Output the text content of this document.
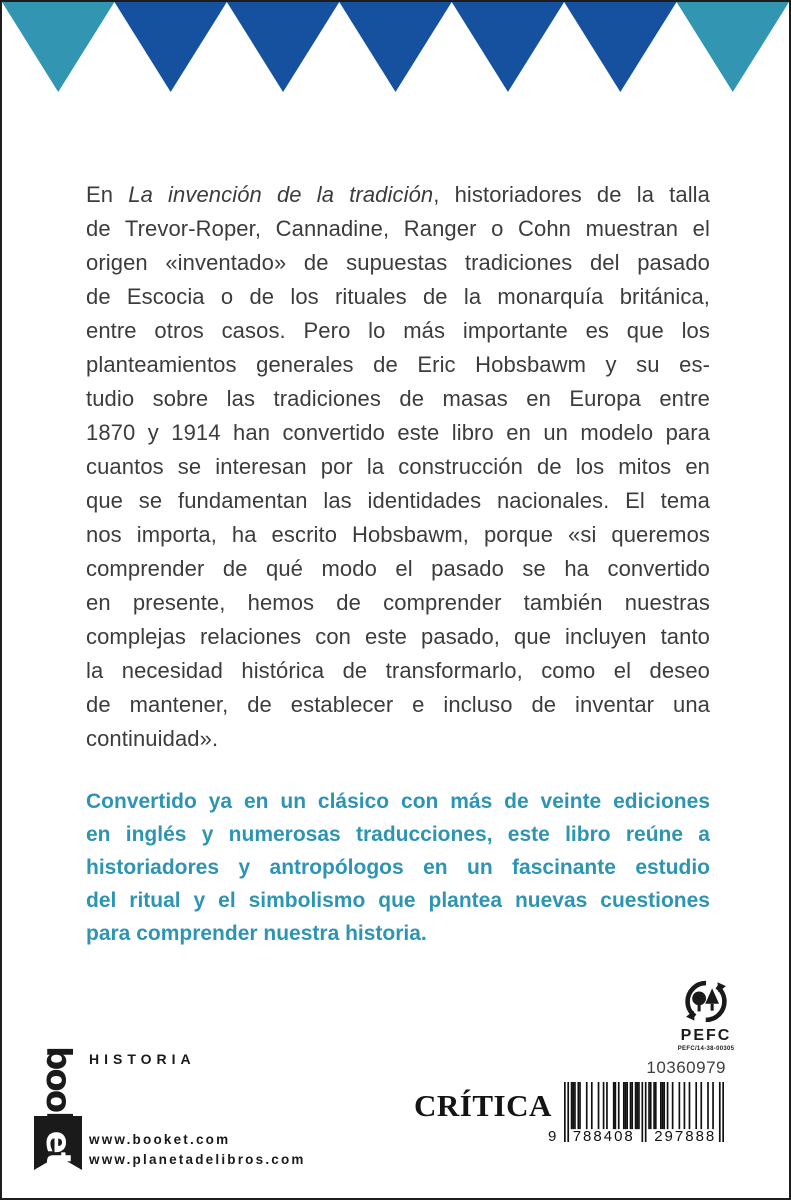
En La invención de la tradición, historiadores de la talla
de Trevor-Roper, Cannadine, Ranger o Cohn muestran el
origen «inventado» de supuestas tradiciones del pasado
de Escocia o de los rituales de la monarquía británica,
entre otros casos. Pero lo más importante es que los
planteamientos generales de Eric Hobsbawm y su es-
tudio sobre las tradiciones de masas en Europa entre
1870 y 1914 han convertido este libro en un modelo para
cuantos se interesan por la construcción de los mitos en
que se fundamentan las identidades nacionales. El tema
nos importa, ha escrito Hobsbawm, porque «si queremos
comprender de qué modo el pasado se ha convertido
en presente, hemos de comprender también nuestras
complejas relaciones con este pasado, que incluyen tanto
la necesidad histórica de transformarlo, como el deseo
de mantener, de establecer e incluso de inventar una
continuidad».
Convertido ya en un clásico con más de veinte ediciones
en inglés y numerosas traducciones, este libro reúne a
historiadores y antropólogos en un fascinante estudio
del ritual y el simbolismo que plantea nuevas cuestiones
para comprender nuestra historia.
PEFC
PEFC/14-38-00305
10360979
9	788408	297888
CRÍTICA
HISTORIA
www.booket.com
www.planetadelibros.com
booket
